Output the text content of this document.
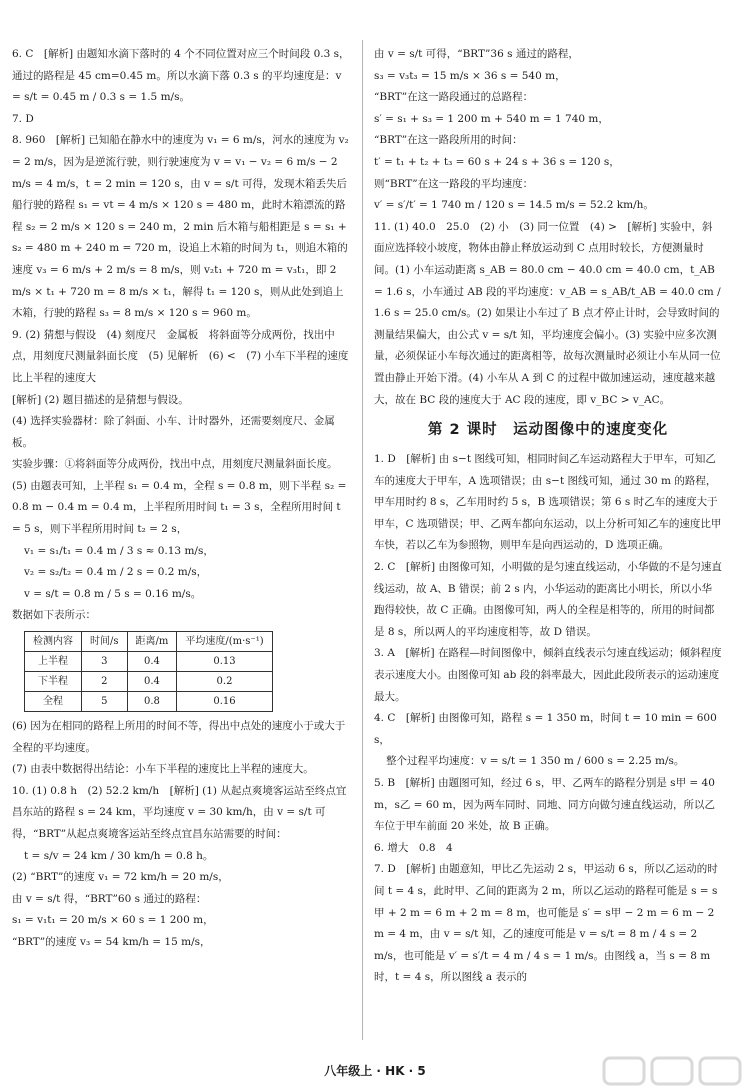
6. C　[解析] 由题知水滴下落时的 4 个不同位置对应三个时间段 0.3 s，通过的路程是 45 cm=0.45 m。所以水滴下落 0.3 s 的平均速度是：v = s/t = 0.45 m / 0.3 s = 1.5 m/s。

7. D

8. 960　[解析] 已知船在静水中的速度为 v₁ = 6 m/s，河水的速度为 v₂ = 2 m/s，因为是逆流行驶，则行驶速度为 v = v₁ − v₂ = 6 m/s − 2 m/s = 4 m/s，t = 2 min = 120 s，由 v = s/t 可得，发现木箱丢失后船行驶的路程 s₁ = vt = 4 m/s × 120 s = 480 m，此时木箱漂流的路程 s₂ = 2 m/s × 120 s = 240 m，2 min 后木箱与船相距是 s = s₁ + s₂ = 480 m + 240 m = 720 m，设追上木箱的时间为 t₁，则追木箱的速度 v₃ = 6 m/s + 2 m/s = 8 m/s，则 v₂t₁ + 720 m = v₃t₁，即 2 m/s × t₁ + 720 m = 8 m/s × t₁，解得 t₁ = 120 s，则从此处到追上木箱，行驶的路程 s₃ = 8 m/s × 120 s = 960 m。

9. (2) 猜想与假设　(4) 刻度尺　金属板　将斜面等分成两份，找出中点，用刻度尺测量斜面长度　(5) 见解析　(6) <　(7) 小车下半程的速度比上半程的速度大

[解析] (2) 题目描述的是猜想与假设。

(4) 选择实验器材：除了斜面、小车、计时器外，还需要刻度尺、金属板。

实验步骤：①将斜面等分成两份，找出中点，用刻度尺测量斜面长度。

(5) 由题表可知，上半程 s₁ = 0.4 m，全程 s = 0.8 m，则下半程 s₂ = 0.8 m − 0.4 m = 0.4 m，上半程所用时间 t₁ = 3 s，全程所用时间 t = 5 s，则下半程所用时间 t₂ = 2 s，

v₁ = s₁/t₁ = 0.4 m / 3 s ≈ 0.13 m/s，

v₂ = s₂/t₂ = 0.4 m / 2 s = 0.2 m/s，

v = s/t = 0.8 m / 5 s = 0.16 m/s。

数据如下表所示：

检测内容	时间/s	距离/m	平均速度/(m·s⁻¹)
上半程	3	0.4	0.13
下半程	2	0.4	0.2
全程	5	0.8	0.16

(6) 因为在相同的路程上所用的时间不等，得出中点处的速度小于或大于全程的平均速度。

(7) 由表中数据得出结论：小车下半程的速度比上半程的速度大。

10. (1) 0.8 h　(2) 52.2 km/h　[解析] (1) 从起点爽境客运站至终点宜昌东站的路程 s = 24 km，平均速度 v = 30 km/h，由 v = s/t 可得，“BRT”从起点爽境客运站至终点宜昌东站需要的时间：

t = s/v = 24 km / 30 km/h = 0.8 h。

(2) “BRT”的速度 v₁ = 72 km/h = 20 m/s，

由 v = s/t 得，“BRT”60 s 通过的路程：

s₁ = v₁t₁ = 20 m/s × 60 s = 1 200 m，

“BRT”的速度 v₃ = 54 km/h = 15 m/s，

由 v = s/t 可得，“BRT”36 s 通过的路程，

s₃ = v₃t₃ = 15 m/s × 36 s = 540 m，

“BRT”在这一路段通过的总路程：

s′ = s₁ + s₃ = 1 200 m + 540 m = 1 740 m，

“BRT”在这一路段所用的时间：

t′ = t₁ + t₂ + t₃ = 60 s + 24 s + 36 s = 120 s，

则“BRT”在这一路段的平均速度：

v′ = s′/t′ = 1 740 m / 120 s = 14.5 m/s = 52.2 km/h。

11. (1) 40.0　25.0　(2) 小　(3) 同一位置　(4) >　[解析] 实验中，斜面应选择较小坡度，物体由静止释放运动到 C 点用时较长，方便测量时间。(1) 小车运动距离 s_AB = 80.0 cm − 40.0 cm = 40.0 cm，t_AB = 1.6 s，小车通过 AB 段的平均速度：v_AB = s_AB/t_AB = 40.0 cm / 1.6 s = 25.0 cm/s。(2) 如果让小车过了 B 点才停止计时，会导致时间的测量结果偏大，由公式 v = s/t 知，平均速度会偏小。(3) 实验中应多次测量，必须保证小车每次通过的距离相等，故每次测量时必须让小车从同一位置由静止开始下滑。(4) 小车从 A 到 C 的过程中做加速运动，速度越来越大，故在 BC 段的速度大于 AC 段的速度，即 v_BC > v_AC。

第 2 课时　运动图像中的速度变化

1. D　[解析] 由 s−t 图线可知，相同时间乙车运动路程大于甲车，可知乙车的速度大于甲车，A 选项错误；由 s−t 图线可知，通过 30 m 的路程，甲车用时约 8 s，乙车用时约 5 s，B 选项错误；第 6 s 时乙车的速度大于甲车，C 选项错误；甲、乙两车都向东运动，以上分析可知乙车的速度比甲车快，若以乙车为参照物，则甲车是向西运动的，D 选项正确。

2. C　[解析] 由图像可知，小明做的是匀速直线运动，小华做的不是匀速直线运动，故 A、B 错误；前 2 s 内，小华运动的距离比小明长，所以小华跑得较快，故 C 正确。由图像可知，两人的全程是相等的，所用的时间都是 8 s，所以两人的平均速度相等，故 D 错误。

3. A　[解析] 在路程—时间图像中，倾斜直线表示匀速直线运动；倾斜程度表示速度大小。由图像可知 ab 段的斜率最大，因此此段所表示的运动速度最大。

4. C　[解析] 由图像可知，路程 s = 1 350 m，时间 t = 10 min = 600 s，

整个过程平均速度：v = s/t = 1 350 m / 600 s = 2.25 m/s。

5. B　[解析] 由题图可知，经过 6 s，甲、乙两车的路程分别是 s甲 = 40 m，s乙 = 60 m，因为两车同时、同地、同方向做匀速直线运动，所以乙车位于甲车前面 20 米处，故 B 正确。

6. 增大　0.8　4

7. D　[解析] 由题意知，甲比乙先运动 2 s，甲运动 6 s，所以乙运动的时间 t = 4 s，此时甲、乙间的距离为 2 m，所以乙运动的路程可能是 s = s甲 + 2 m = 6 m + 2 m = 8 m，也可能是 s′ = s甲 − 2 m = 6 m − 2 m = 4 m，由 v = s/t 知，乙的速度可能是 v = s/t = 8 m / 4 s = 2 m/s，也可能是 v′ = s′/t = 4 m / 4 s = 1 m/s。由图线 a，当 s = 8 m 时，t = 4 s，所以图线 a 表示的

八年级上 · HK · 5
